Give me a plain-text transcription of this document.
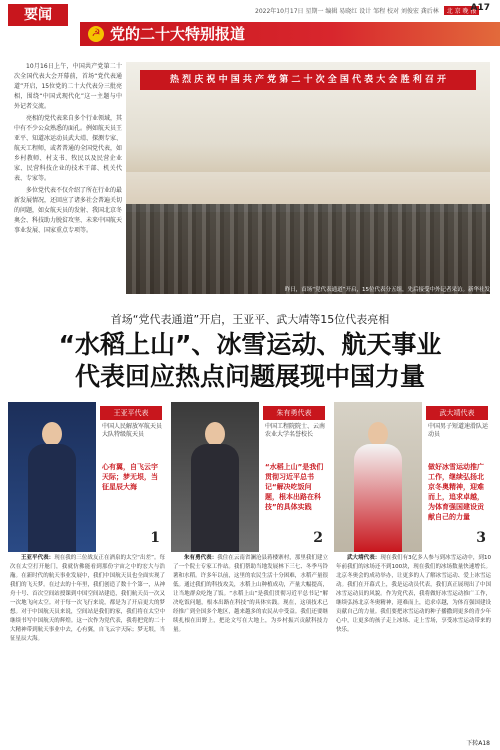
要闻	2022年10月17日 星期一 编辑 易晓红 设计 邹程 校对 刘俊宏 龚后林 北 京 晚 报
A17
☭ 党的二十大特别报道

10月16日上午，中国共产党第二十次全国代表大会开幕前，首场“党代表通道”开启，15位党的二十大代表分三批亮相，围绕“中国式现代化”这一主题与中外记者交流。

亮相的党代表来自多个行业领域，其中有不少公众熟悉的面孔。例如航天员王亚平、知道冰运动员武大靖、探测专家、航天工程师，或者普通的全国党代表，如乡村教师、村支书、牧民以及民营企业家、民营科技企业的技术干部、机关代表、专家等。

多位党代表不仅介绍了所在行业的最新发展情况，还回应了诸多社会普遍关切的问题，如女航天员的发射、我国北京冬奥会、科技助力脱贫攻坚、未来中国航天事业发展、国家重点专项等。

热 烈 庆 祝 中 国 共 产 党 第 二 十 次 全 国 代 表 大 会 胜 利 召 开
昨日，首场“党代表通道”开启，15位代表分五组，先后接受中外记者采访。新华社发
首场“党代表通道”开启，王亚平、武大靖等15位代表亮相
“水稻上山”、冰雪运动、航天事业
代表回应热点问题展现中国力量
王亚平代表
中国人民解放军航天员大队特级航天员
心有翼，自飞云宇天际；梦无垠，当征星辰大海
1
朱有勇代表
中国工程院院士、云南农业大学名誉校长
“水稻上山”是我们贯彻习近平总书记“解决吃饭问题，根本出路在科技”的具体实践
2
武大靖代表
中国男子短道速滑队运动员
做好冰雪运动推广工作，继续弘扬北京冬奥精神，迎难而上，追求卓越，为体育强国建设贡献自己的力量
3

王亚平代表：现在我的三位战友正在酒泉的太空“出差”。每次在太空打开舱门，我就仿佛能看到那份宇宙之中的宏大与浩瀚。在新时代的航天事业发展中，我们中国航天员也全面实现了我们的飞天梦。在过去的十年里，我们创造了数十个第一，从神舟十号、首次空间站授课到中国空间站建造，我们航天员一次又一次地飞向太空。对于每一次飞行来说，都是为了开启更大的梦想。对于中国航天员来说，空间站是我们的家，我们将在太空中继续书写中国航天的辉煌。这一次作为党代表，我将把党的二十大精神带到航天事业中去，心有翼，自飞云宇天际；梦无垠，当征星辰大海。

朱有勇代表：我住在云南省澜沧县蒋楼寨村，那里我们建立了一个院士专家工作站。我们帮助当地发展林下三七、冬季马铃薯和水稻。许多年以前，这里的农民生活十分困难，水稻产量很低。通过我们的科技攻关，水稻上山种植成功，产量大幅提高，让当地群众吃饱了饭。“水稻上山”是我们贯彻习近平总书记“解决吃饭问题，根本出路在科技”的具体实践。现在，这项技术已经推广到全国多个地区，越来越多的农民从中受益。我们还要继续扎根在田野上，把论文写在大地上，为乡村振兴贡献科技力量。

武大靖代表：现在我们有3亿多人参与到冰雪运动中，到10年前我们的冰场还不到100块，现在我们的冰场数量快速增长。北京冬奥会的成功举办，让更多的人了解冰雪运动、爱上冰雪运动。我们在开幕式上，我是运动员代表，我们真正展现出了中国冰雪运动员的风貌。作为党代表，我将做好冰雪运动推广工作，继续弘扬北京冬奥精神，迎难而上，追求卓越，为体育强国建设贡献自己的力量。我们要把冰雪运动的种子播撒到更多的青少年心中，让更多的孩子走上冰场、走上雪场，享受冰雪运动带来的快乐。

下转A18
